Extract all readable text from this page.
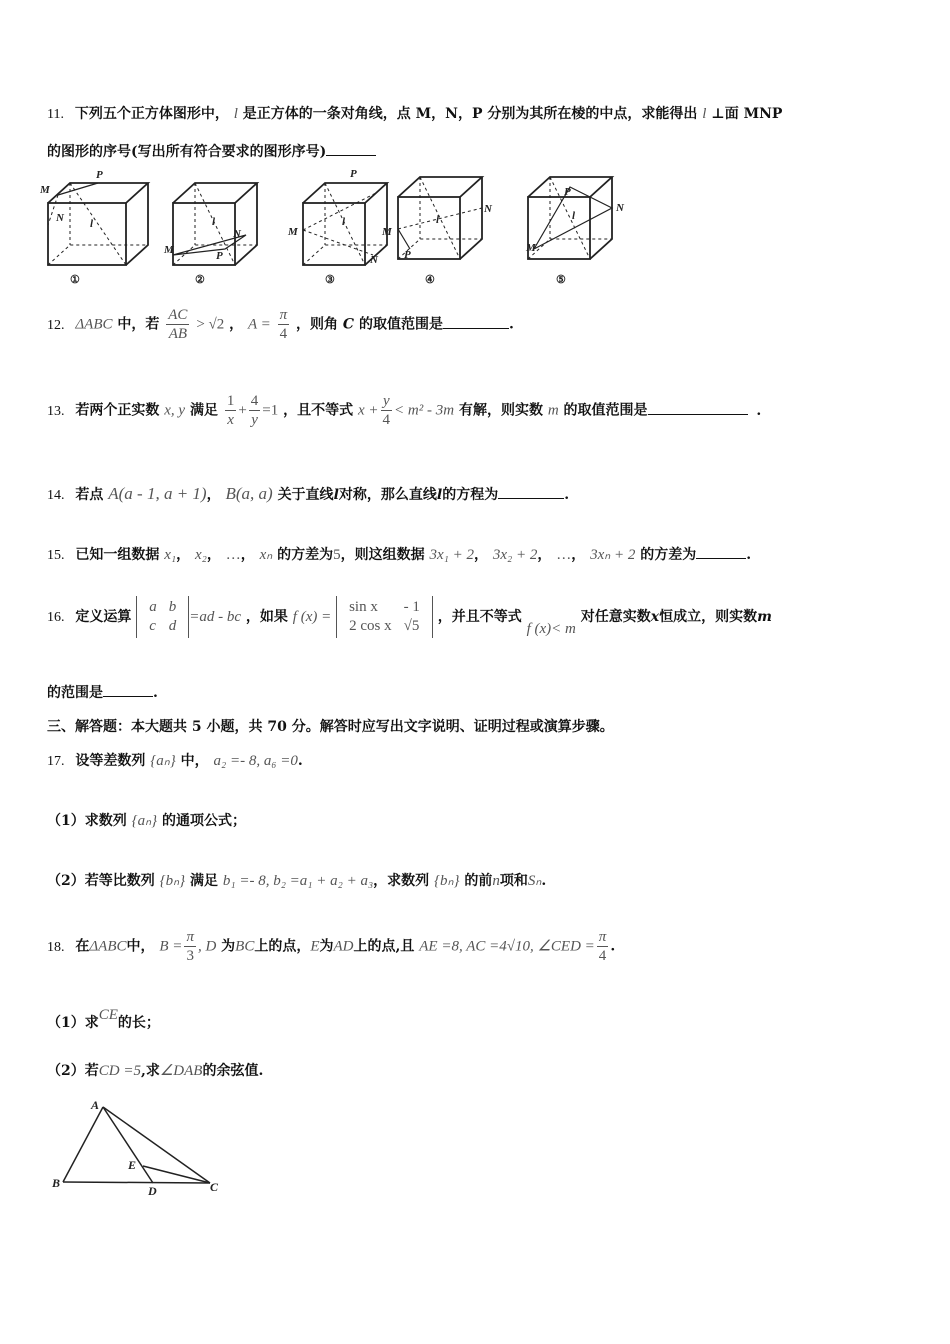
11. 下列五个正方体图形中， l 是正方体的一条对角线，点 M，N，P 分别为其所在棱的中点，求能得出 l ⊥面 MNP
的图形的序号(写出所有符合要求的图形序号)
M
P
N l
①
M
N
P
l
②
M
P
N
l
③
M
N
P
l
④
M
P
N
l
⑤
12. ΔABC 中，若 $\frac{AC}{AB} > √2$ ， $A = \frac{\pi}{4}$ ，则角 C 的取值范围是	.
13. 若两个正实数 x, y 满足 $\frac{1}{x} + \frac{4}{y} =1$ ，且不等式 $x + \frac{y}{4} < m^2 - 3m$ 有解，则实数 m 的取值范围是	.
14. 若点 A(a - 1, a + 1)， B(a, a) 关于直线l对称，那么直线l的方程为	.
15. 已知一组数据 x₁， x₂， …， xₙ 的方差为5，则这组数据 3x₁ + 2， 3x₂ + 2， …， 3xₙ + 2 的方差为	.
16. 定义运算
a	b
c	d
=ad - bc ，如果 f (x) =
sin x	- 1
2 cos x	√5
，并且不等式 f (x)< m 对任意实数x恒成立，则实数m
的范围是	.
三、解答题：本大题共 5 小题，共 70 分。解答时应写出文字说明、证明过程或演算步骤。
17. 设等差数列 {aₙ} 中， a₂ =- 8, a₆ =0.
（1）求数列 {aₙ} 的通项公式；
（2）若等比数列 {bₙ} 满足 b₁ =- 8, b₂ =a₁ + a₂ + a₃，求数列 {bₙ} 的前n项和Sₙ.
18. 在ΔABC中， $B = \frac{\pi}{3}$ , D 为BC上的点，E为AD上的点,且 AE =8, AC =4√10, ∠CED = $\frac{\pi}{4}$ .
（1）求CE的长；
（2）若CD =5,求∠DAB的余弦值.
A
B
E
D	C
